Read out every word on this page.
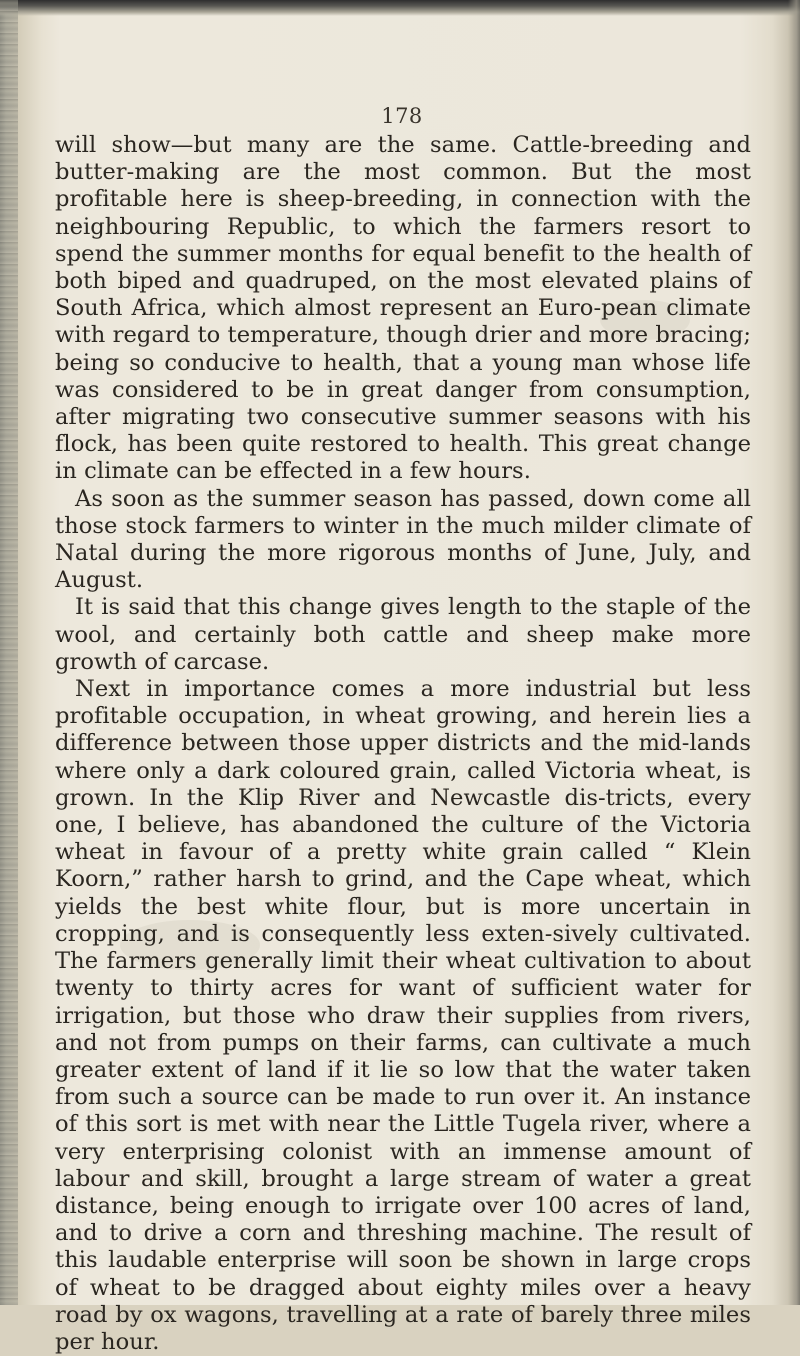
178

will show—but many are the same. Cattle-breeding and butter-making are the most common. But the most profitable here is sheep-breeding, in connection with the neighbouring Republic, to which the farmers resort to spend the summer months for equal benefit to the health of both biped and quadruped, on the most elevated plains of South Africa, which almost represent an Euro-pean climate with regard to temperature, though drier and more bracing; being so conducive to health, that a young man whose life was considered to be in great danger from consumption, after migrating two consecutive summer seasons with his flock, has been quite restored to health. This great change in climate can be effected in a few hours.

As soon as the summer season has passed, down come all those stock farmers to winter in the much milder climate of Natal during the more rigorous months of June, July, and August.

It is said that this change gives length to the staple of the wool, and certainly both cattle and sheep make more growth of carcase.

Next in importance comes a more industrial but less profitable occupation, in wheat growing, and herein lies a difference between those upper districts and the mid-lands where only a dark coloured grain, called Victoria wheat, is grown. In the Klip River and Newcastle dis-tricts, every one, I believe, has abandoned the culture of the Victoria wheat in favour of a pretty white grain called “ Klein Koorn,” rather harsh to grind, and the Cape wheat, which yields the best white flour, but is more uncertain in cropping, and is consequently less exten-sively cultivated. The farmers generally limit their wheat cultivation to about twenty to thirty acres for want of sufficient water for irrigation, but those who draw their supplies from rivers, and not from pumps on their farms, can cultivate a much greater extent of land if it lie so low that the water taken from such a source can be made to run over it. An instance of this sort is met with near the Little Tugela river, where a very enterprising colonist with an immense amount of labour and skill, brought a large stream of water a great distance, being enough to irrigate over 100 acres of land, and to drive a corn and threshing machine. The result of this laudable enterprise will soon be shown in large crops of wheat to be dragged about eighty miles over a heavy road by ox wagons, travelling at a rate of barely three miles per hour.
